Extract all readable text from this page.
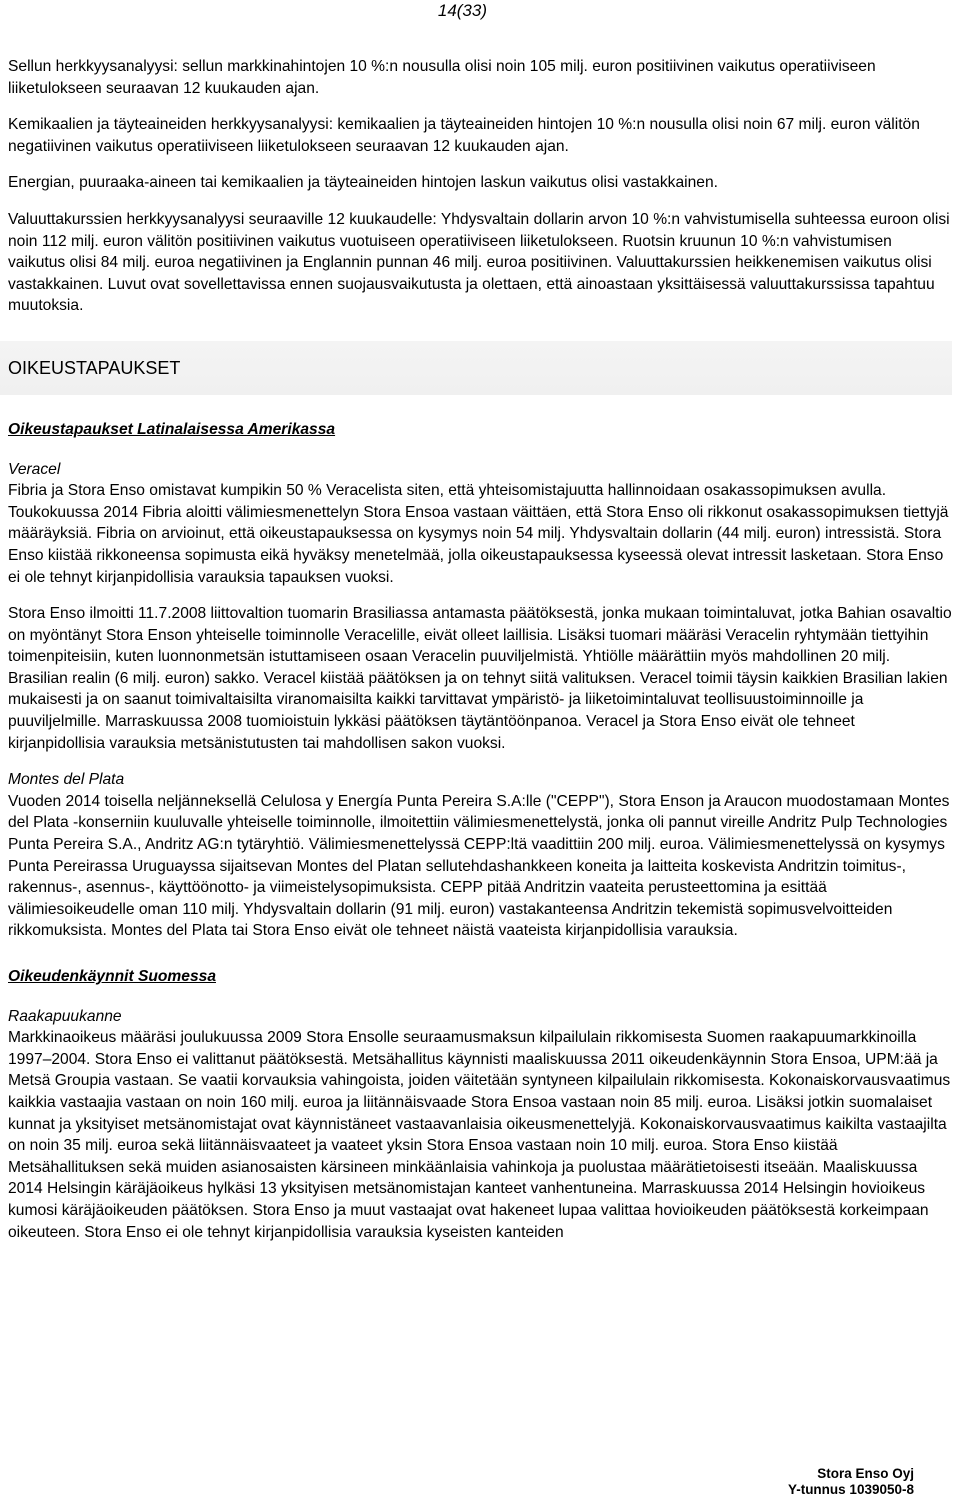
14(33)

Sellun herkkyysanalyysi: sellun markkinahintojen 10 %:n nousulla olisi noin 105 milj. euron positiivinen vaikutus operatiiviseen liiketulokseen seuraavan 12 kuukauden ajan.

Kemikaalien ja täyteaineiden herkkyysanalyysi: kemikaalien ja täyteaineiden hintojen 10 %:n nousulla olisi noin 67 milj. euron välitön negatiivinen vaikutus operatiiviseen liiketulokseen seuraavan 12 kuukauden ajan.

Energian, puuraaka-aineen tai kemikaalien ja täyteaineiden hintojen laskun vaikutus olisi vastakkainen.

Valuuttakurssien herkkyysanalyysi seuraaville 12 kuukaudelle: Yhdysvaltain dollarin arvon 10 %:n vahvistumisella suhteessa euroon olisi noin 112 milj. euron välitön positiivinen vaikutus vuotuiseen operatiiviseen liiketulokseen. Ruotsin kruunun 10 %:n vahvistumisen vaikutus olisi 84 milj. euroa negatiivinen ja Englannin punnan 46 milj. euroa positiivinen. Valuuttakurssien heikkenemisen vaikutus olisi vastakkainen. Luvut ovat sovellettavissa ennen suojausvaikutusta ja olettaen, että ainoastaan yksittäisessä valuuttakurssissa tapahtuu muutoksia.

OIKEUSTAPAUKSET

Oikeustapaukset Latinalaisessa Amerikassa

Veracel

Fibria ja Stora Enso omistavat kumpikin 50 % Veracelista siten, että yhteisomistajuutta hallinnoidaan osakassopimuksen avulla. Toukokuussa 2014 Fibria aloitti välimiesmenettelyn Stora Ensoa vastaan väittäen, että Stora Enso oli rikkonut osakassopimuksen tiettyjä määräyksiä. Fibria on arvioinut, että oikeustapauksessa on kysymys noin 54 milj. Yhdysvaltain dollarin (44 milj. euron) intressistä. Stora Enso kiistää rikkoneensa sopimusta eikä hyväksy menetelmää, jolla oikeustapauksessa kyseessä olevat intressit lasketaan. Stora Enso ei ole tehnyt kirjanpidollisia varauksia tapauksen vuoksi.

Stora Enso ilmoitti 11.7.2008 liittovaltion tuomarin Brasiliassa antamasta päätöksestä, jonka mukaan toimintaluvat, jotka Bahian osavaltio on myöntänyt Stora Enson yhteiselle toiminnolle Veracelille, eivät olleet laillisia. Lisäksi tuomari määräsi Veracelin ryhtymään tiettyihin toimenpiteisiin, kuten luonnonmetsän istuttamiseen osaan Veracelin puuviljelmistä. Yhtiölle määrättiin myös mahdollinen 20 milj. Brasilian realin (6 milj. euron) sakko. Veracel kiistää päätöksen ja on tehnyt siitä valituksen. Veracel toimii täysin kaikkien Brasilian lakien mukaisesti ja on saanut toimivaltaisilta viranomaisilta kaikki tarvittavat ympäristö- ja liiketoimintaluvat teollisuustoiminnoille ja puuviljelmille. Marraskuussa 2008 tuomioistuin lykkäsi päätöksen täytäntöönpanoa. Veracel ja Stora Enso eivät ole tehneet kirjanpidollisia varauksia metsänistutusten tai mahdollisen sakon vuoksi.

Montes del Plata

Vuoden 2014 toisella neljänneksellä Celulosa y Energía Punta Pereira S.A:lle ("CEPP"), Stora Enson ja Araucon muodostamaan Montes del Plata -konserniin kuuluvalle yhteiselle toiminnolle, ilmoitettiin välimiesmenettelystä, jonka oli pannut vireille Andritz Pulp Technologies Punta Pereira S.A., Andritz AG:n tytäryhtiö. Välimiesmenettelyssä CEPP:ltä vaadittiin 200 milj. euroa. Välimiesmenettelyssä on kysymys Punta Pereirassa Uruguayssa sijaitsevan Montes del Platan sellutehdashankkeen koneita ja laitteita koskevista Andritzin toimitus-, rakennus-, asennus-, käyttöönotto- ja viimeistelysopimuksista. CEPP pitää Andritzin vaateita perusteettomina ja esittää välimiesoikeudelle oman 110 milj. Yhdysvaltain dollarin (91 milj. euron) vastakanteensa Andritzin tekemistä sopimusvelvoitteiden rikkomuksista. Montes del Plata tai Stora Enso eivät ole tehneet näistä vaateista kirjanpidollisia varauksia.

Oikeudenkäynnit Suomessa

Raakapuukanne

Markkinaoikeus määräsi joulukuussa 2009 Stora Ensolle seuraamusmaksun kilpailulain rikkomisesta Suomen raakapuumarkkinoilla 1997–2004. Stora Enso ei valittanut päätöksestä. Metsähallitus käynnisti maaliskuussa 2011 oikeudenkäynnin Stora Ensoa, UPM:ää ja Metsä Groupia vastaan. Se vaatii korvauksia vahingoista, joiden väitetään syntyneen kilpailulain rikkomisesta. Kokonaiskorvausvaatimus kaikkia vastaajia vastaan on noin 160 milj. euroa ja liitännäisvaade Stora Ensoa vastaan noin 85 milj. euroa. Lisäksi jotkin suomalaiset kunnat ja yksityiset metsänomistajat ovat käynnistäneet vastaavanlaisia oikeusmenettelyjä. Kokonaiskorvausvaatimus kaikilta vastaajilta on noin 35 milj. euroa sekä liitännäisvaateet ja vaateet yksin Stora Ensoa vastaan noin 10 milj. euroa. Stora Enso kiistää Metsähallituksen sekä muiden asianosaisten kärsineen minkäänlaisia vahinkoja ja puolustaa määrätietoisesti itseään. Maaliskuussa 2014 Helsingin käräjäoikeus hylkäsi 13 yksityisen metsänomistajan kanteet vanhentuneina. Marraskuussa 2014 Helsingin hovioikeus kumosi käräjäoikeuden päätöksen. Stora Enso ja muut vastaajat ovat hakeneet lupaa valittaa hovioikeuden päätöksestä korkeimpaan oikeuteen. Stora Enso ei ole tehnyt kirjanpidollisia varauksia kyseisten kanteiden

Stora Enso Oyj
Y-tunnus 1039050-8
